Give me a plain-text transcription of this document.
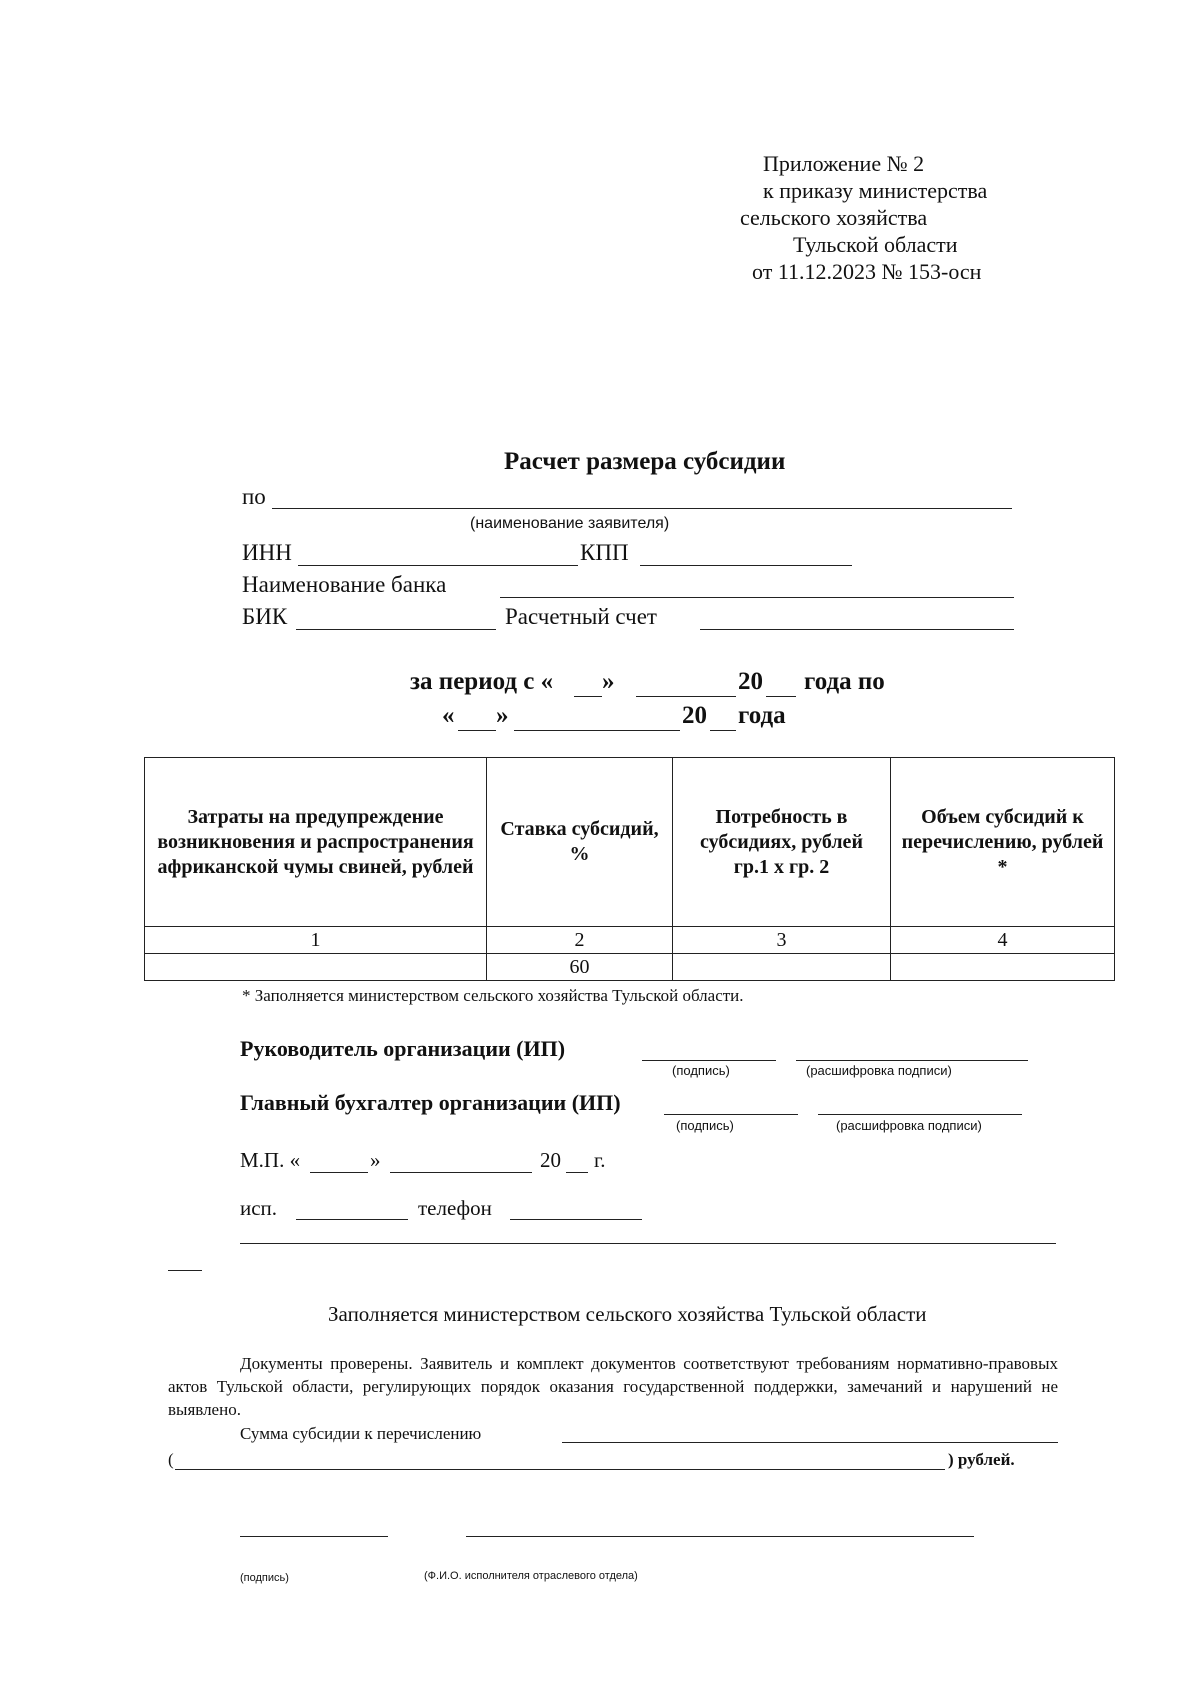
Приложение № 2
к приказу министерства
сельского хозяйства
Тульской области
от 11.12.2023 № 153-осн
Расчет размера субсидии
по
(наименование заявителя)
ИНН	КПП
Наименование банка
БИК	Расчетный счет
за период с « »	20 года по
« »	20 года
Затраты на предупреждение возникновения и распространения африканской чумы свиней, рублей	Ставка субсидий, %	Потребность в субсидиях, рублей гр.1 х гр. 2	Объем субсидий к перечислению, рублей *
1	2	3	4
	60		
* Заполняется министерством сельского хозяйства Тульской области.
Руководитель организации (ИП)
(подпись)	(расшифровка подписи)
Главный бухгалтер организации (ИП)
(подпись)	(расшифровка подписи)
М.П. «	»	20 г.
исп.	телефон
Заполняется министерством сельского хозяйства Тульской области
Документы проверены. Заявитель и комплект документов соответствуют требованиям нормативно-правовых актов Тульской области, регулирующих порядок оказания государственной поддержки, замечаний и нарушений не выявлено.
Сумма субсидии к перечислению
(	) рублей.
(подпись)	(Ф.И.О. исполнителя отраслевого отдела)
